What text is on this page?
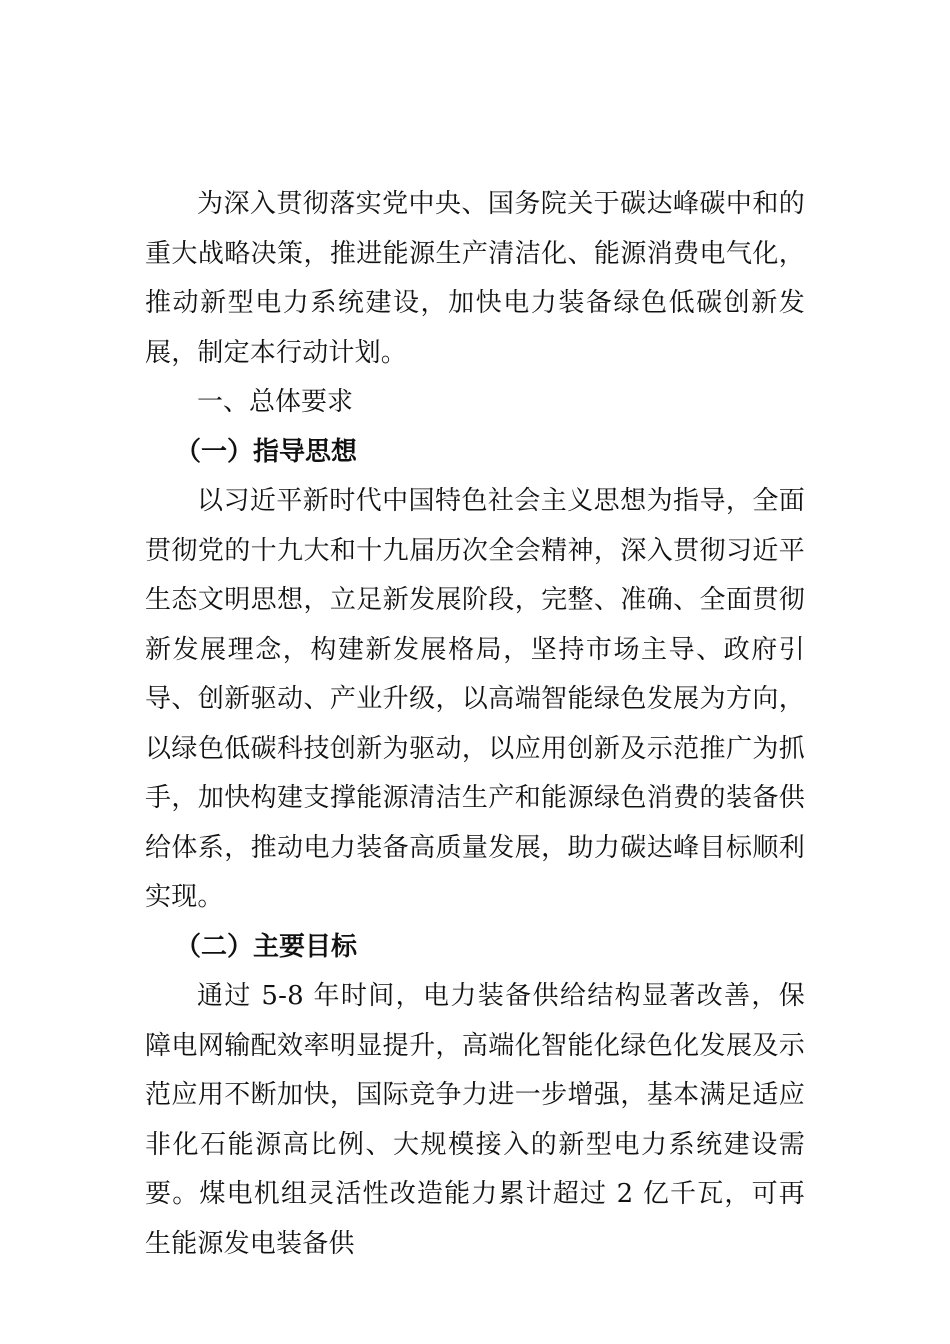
为深入贯彻落实党中央、国务院关于碳达峰碳中和的重大战略决策，推进能源生产清洁化、能源消费电气化，推动新型电力系统建设，加快电力装备绿色低碳创新发展，制定本行动计划。

一、总体要求

（一）指导思想

以习近平新时代中国特色社会主义思想为指导，全面贯彻党的十九大和十九届历次全会精神，深入贯彻习近平生态文明思想，立足新发展阶段，完整、准确、全面贯彻新发展理念，构建新发展格局，坚持市场主导、政府引导、创新驱动、产业升级，以高端智能绿色发展为方向，以绿色低碳科技创新为驱动，以应用创新及示范推广为抓手，加快构建支撑能源清洁生产和能源绿色消费的装备供给体系，推动电力装备高质量发展，助力碳达峰目标顺利实现。

（二）主要目标

通过 5-8 年时间，电力装备供给结构显著改善，保障电网输配效率明显提升，高端化智能化绿色化发展及示范应用不断加快，国际竞争力进一步增强，基本满足适应非化石能源高比例、大规模接入的新型电力系统建设需要。煤电机组灵活性改造能力累计超过 2 亿千瓦，可再生能源发电装备供
